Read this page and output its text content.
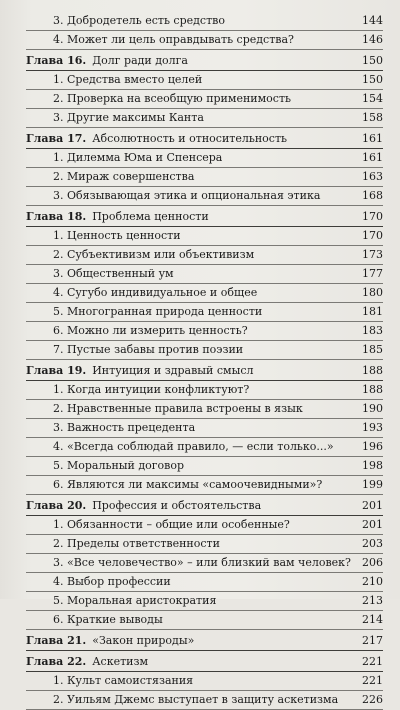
3. Добродетель есть средство	144
4. Может ли цель оправдывать средства?	146
Глава 16. Долг ради долга	150
1. Средства вместо целей	150
2. Проверка на всеобщую применимость	154
3. Другие максимы Канта	158
Глава 17. Абсолютность и относительность	161
1. Дилемма Юма и Спенсера	161
2. Мираж совершенства	163
3. Обязывающая этика и опциональная этика	168
Глава 18. Проблема ценности	170
1. Ценность ценности	170
2. Субъективизм или объективизм	173
3. Общественный ум	177
4. Сугубо индивидуальное и общее	180
5. Многогранная природа ценности	181
6. Можно ли измерить ценность?	183
7. Пустые забавы против поэзии	185
Глава 19. Интуиция и здравый смысл	188
1. Когда интуиции конфликтуют?	188
2. Нравственные правила встроены в язык	190
3. Важность прецедента	193
4. «Всегда соблюдай правило, — если только...»	196
5. Моральный договор	198
6. Являются ли максимы «самоочевидными»?	199
Глава 20. Профессия и обстоятельства	201
1. Обязанности – общие или особенные?	201
2. Пределы ответственности	203
3. «Все человечество» – или близкий вам человек? 206
4. Выбор профессии	210
5. Моральная аристократия	213
6. Краткие выводы	214
Глава 21. «Закон природы»	217
Глава 22. Аскетизм	221
1. Культ самоистязания	221
2. Уильям Джемс выступает в защиту аскетизма 226
